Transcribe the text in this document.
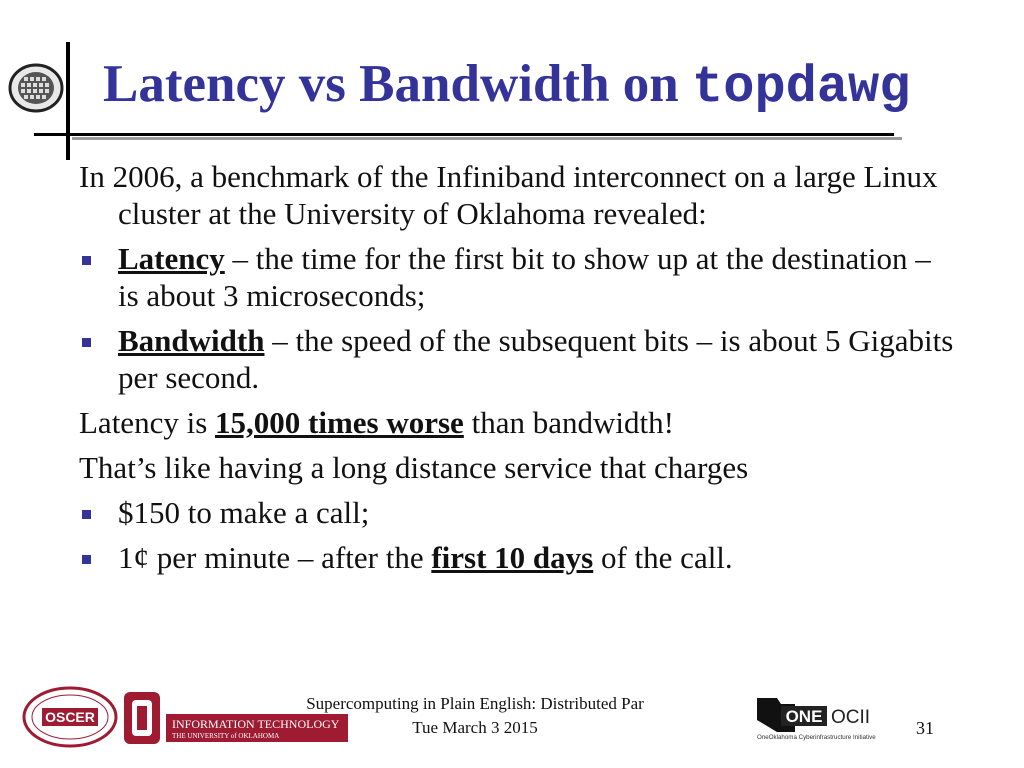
Latency vs Bandwidth on topdawg
In 2006, a benchmark of the Infiniband interconnect on a large Linux cluster at the University of Oklahoma revealed:
Latency – the time for the first bit to show up at the destination – is about 3 microseconds;
Bandwidth – the speed of the subsequent bits – is about 5 Gigabits per second.
Latency is 15,000 times worse than bandwidth!
That’s like having a long distance service that charges
$150 to make a call;
1¢ per minute – after the first 10 days of the call.
OSCER	INFORMATION TECHNOLOGY
THE UNIVERSITY of OKLAHOMA
Supercomputing in Plain English: Distributed Par
Tue March 3 2015
ONE OCII
OneOklahoma Cyberinfrastructure Initiative 31
